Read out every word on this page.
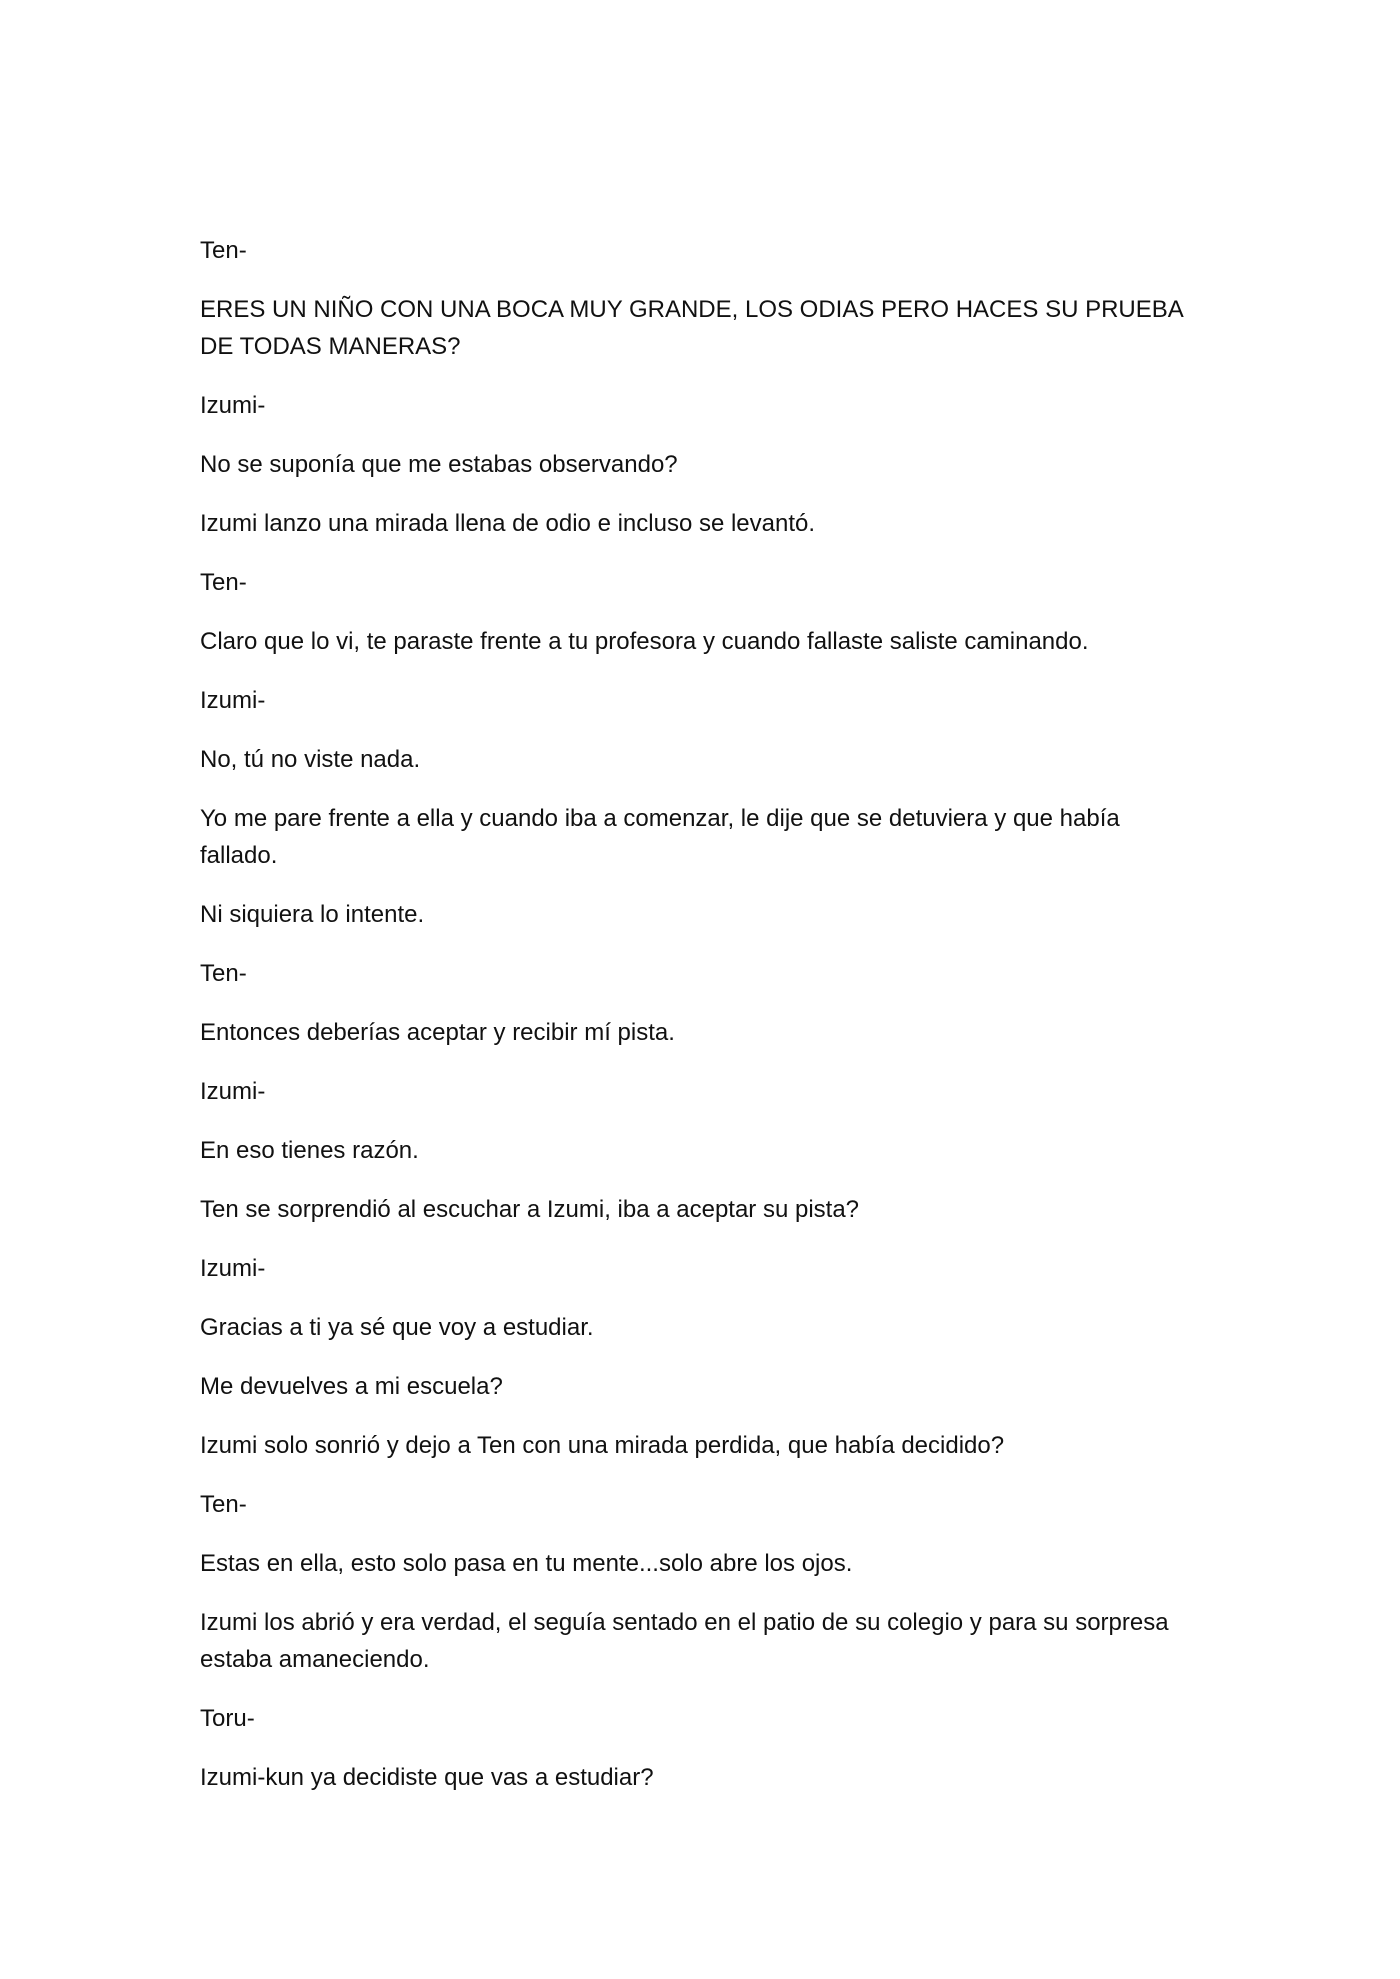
Ten-

ERES UN NIÑO CON UNA BOCA MUY GRANDE, LOS ODIAS PERO HACES SU PRUEBA DE TODAS MANERAS?

Izumi-

No se suponía que me estabas observando?

Izumi lanzo una mirada llena de odio e incluso se levantó.

Ten-

Claro que lo vi, te paraste frente a tu profesora y cuando fallaste saliste caminando.

Izumi-

No, tú no viste nada.

Yo me pare frente a ella y cuando iba a comenzar, le dije que se detuviera y que había fallado.

Ni siquiera lo intente.

Ten-

Entonces deberías aceptar y recibir mí pista.

Izumi-

En eso tienes razón.

Ten se sorprendió al escuchar a Izumi, iba a aceptar su pista?

Izumi-

Gracias a ti ya sé que voy a estudiar.

Me devuelves a mi escuela?

Izumi solo sonrió y dejo a Ten con una mirada perdida, que había decidido?

Ten-

Estas en ella, esto solo pasa en tu mente...solo abre los ojos.

Izumi los abrió y era verdad, el seguía sentado en el patio de su colegio y para su sorpresa estaba amaneciendo.

Toru-

Izumi-kun ya decidiste que vas a estudiar?
